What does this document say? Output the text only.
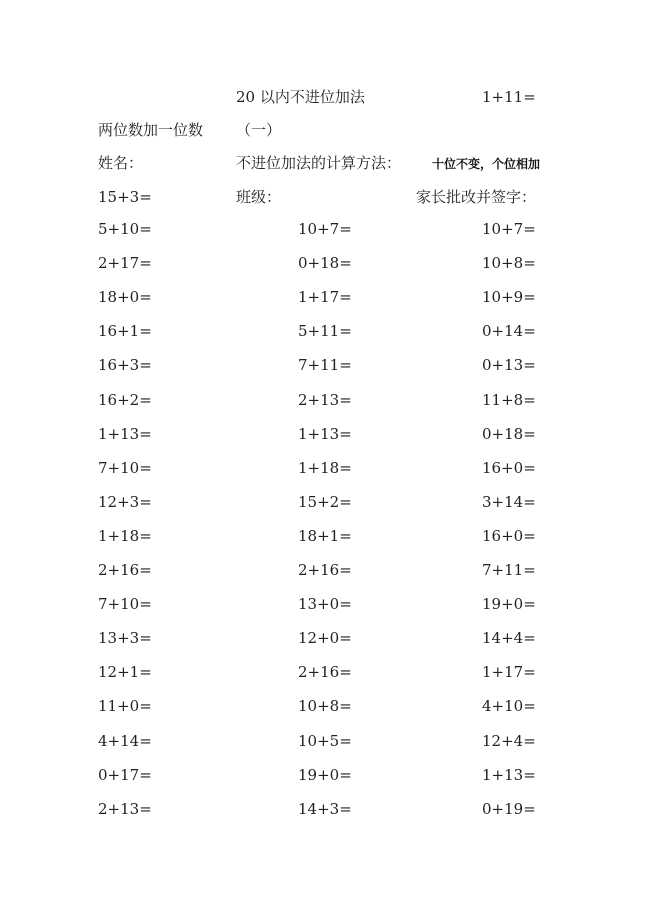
20 以内不进位加法	1+11=
两位数加一位数 （一）
姓名：	不进位加法的计算方法：	十位不变，个位相加
15+3=	班级：	家长批改并签字：
5+10=	10+7=	10+7=
2+17=	0+18=	10+8=
18+0=	1+17=	10+9=
16+1=	5+11=	0+14=
16+3=	7+11=	0+13=
16+2=	2+13=	11+8=
1+13=	1+13=	0+18=
7+10=	1+18=	16+0=
12+3=	15+2=	3+14=
1+18=	18+1=	16+0=
2+16=	2+16=	7+11=
7+10=	13+0=	19+0=
13+3=	12+0=	14+4=
12+1=	2+16=	1+17=
11+0=	10+8=	4+10=
4+14=	10+5=	12+4=
0+17=	19+0=	1+13=
2+13=	14+3=	0+19=
